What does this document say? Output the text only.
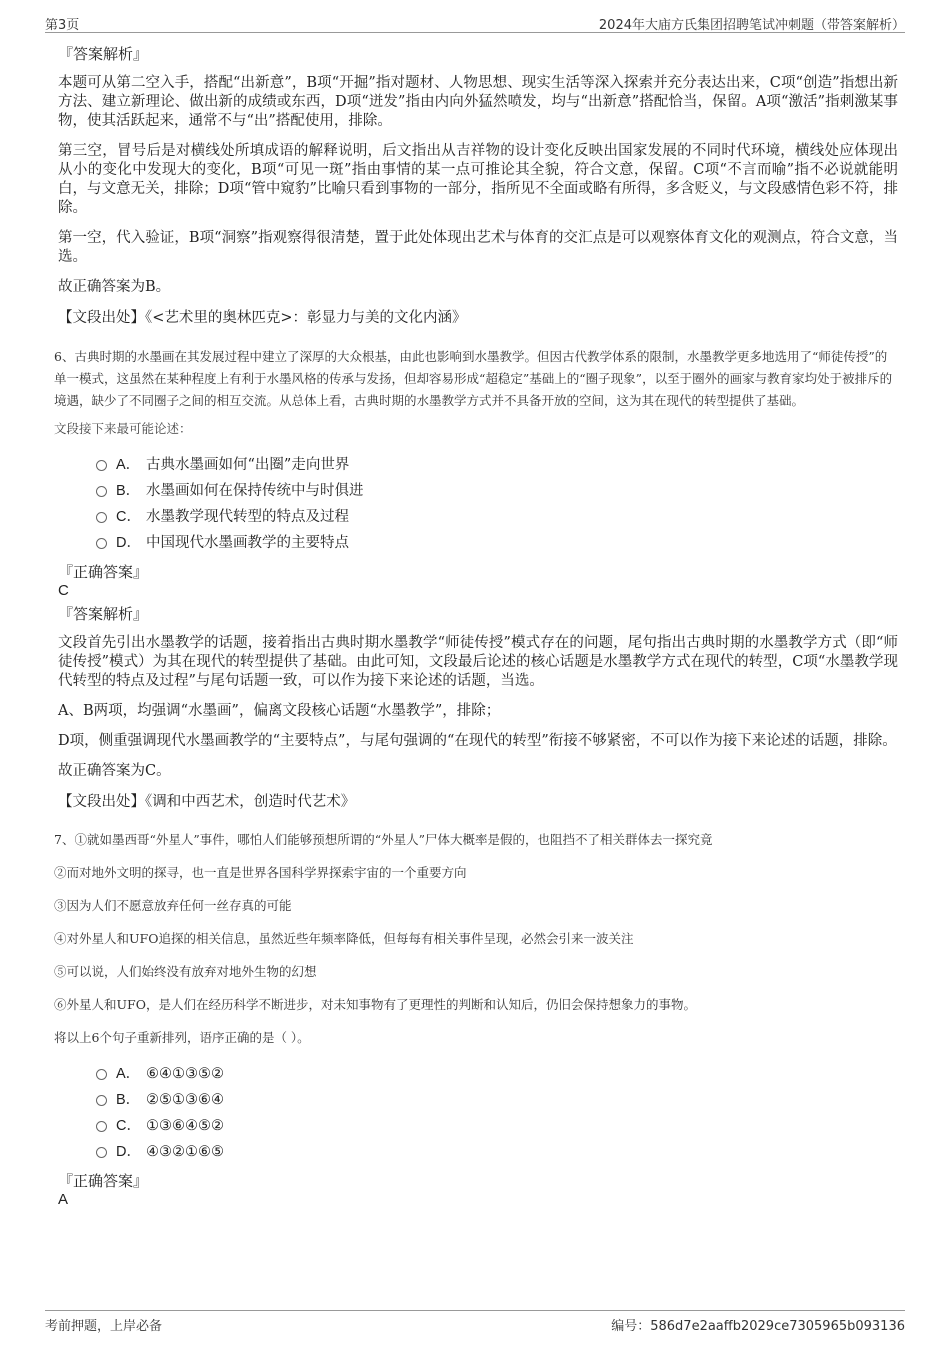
第3页	2024年大庙方氏集团招聘笔试冲刺题（带答案解析）
『答案解析』

本题可从第二空入手，搭配“出新意”，B项“开掘”指对题材、人物思想、现实生活等深入探索并充分表达出来，C项“创造”指想出新方法、建立新理论、做出新的成绩或东西，D项“迸发”指由内向外猛然喷发，均与“出新意”搭配恰当，保留。A项“激活”指刺激某事物，使其活跃起来，通常不与“出”搭配使用，排除。

第三空，冒号后是对横线处所填成语的解释说明，后文指出从吉祥物的设计变化反映出国家发展的不同时代环境，横线处应体现出从小的变化中发现大的变化，B项“可见一斑”指由事情的某一点可推论其全貌，符合文意，保留。C项“不言而喻”指不必说就能明白，与文意无关，排除；D项“管中窥豹”比喻只看到事物的一部分，指所见不全面或略有所得，多含贬义，与文段感情色彩不符，排除。

第一空，代入验证，B项“洞察”指观察得很清楚，置于此处体现出艺术与体育的交汇点是可以观察体育文化的观测点，符合文意，当选。

故正确答案为B。

【文段出处】《<艺术里的奥林匹克>：彰显力与美的文化内涵》

6、古典时期的水墨画在其发展过程中建立了深厚的大众根基，由此也影响到水墨教学。但因古代教学体系的限制，水墨教学更多地选用了“师徒传授”的单一模式，这虽然在某种程度上有利于水墨风格的传承与发扬，但却容易形成“超稳定”基础上的“圈子现象”，以至于圈外的画家与教育家均处于被排斥的境遇，缺少了不同圈子之间的相互交流。从总体上看，古典时期的水墨教学方式并不具备开放的空间，这为其在现代的转型提供了基础。

文段接下来最可能论述：

A． 古典水墨画如何“出圈”走向世界
B． 水墨画如何在保持传统中与时俱进
C． 水墨教学现代转型的特点及过程
D． 中国现代水墨画教学的主要特点
『正确答案』
C
『答案解析』

文段首先引出水墨教学的话题，接着指出古典时期水墨教学“师徒传授”模式存在的问题，尾句指出古典时期的水墨教学方式（即“师徒传授”模式）为其在现代的转型提供了基础。由此可知，文段最后论述的核心话题是水墨教学方式在现代的转型，C项“水墨教学现代转型的特点及过程”与尾句话题一致，可以作为接下来论述的话题，当选。

A、B两项，均强调“水墨画”，偏离文段核心话题“水墨教学”，排除；

D项，侧重强调现代水墨画教学的“主要特点”，与尾句强调的“在现代的转型”衔接不够紧密，不可以作为接下来论述的话题，排除。

故正确答案为C。

【文段出处】《调和中西艺术，创造时代艺术》

7、①就如墨西哥“外星人”事件，哪怕人们能够预想所谓的“外星人”尸体大概率是假的，也阻挡不了相关群体去一探究竟

②而对地外文明的探寻，也一直是世界各国科学界探索宇宙的一个重要方向

③因为人们不愿意放弃任何一丝存真的可能

④对外星人和UFO追探的相关信息，虽然近些年频率降低，但每每有相关事件呈现，必然会引来一波关注

⑤可以说，人们始终没有放弃对地外生物的幻想

⑥外星人和UFO，是人们在经历科学不断进步，对未知事物有了更理性的判断和认知后，仍旧会保持想象力的事物。

将以上6个句子重新排列，语序正确的是（ ）。

A． ⑥④①③⑤②
B． ②⑤①③⑥④
C． ①③⑥④⑤②
D． ④③②①⑥⑤
『正确答案』
A
考前押题，上岸必备	编号：586d7e2aaffb2029ce7305965b093136
